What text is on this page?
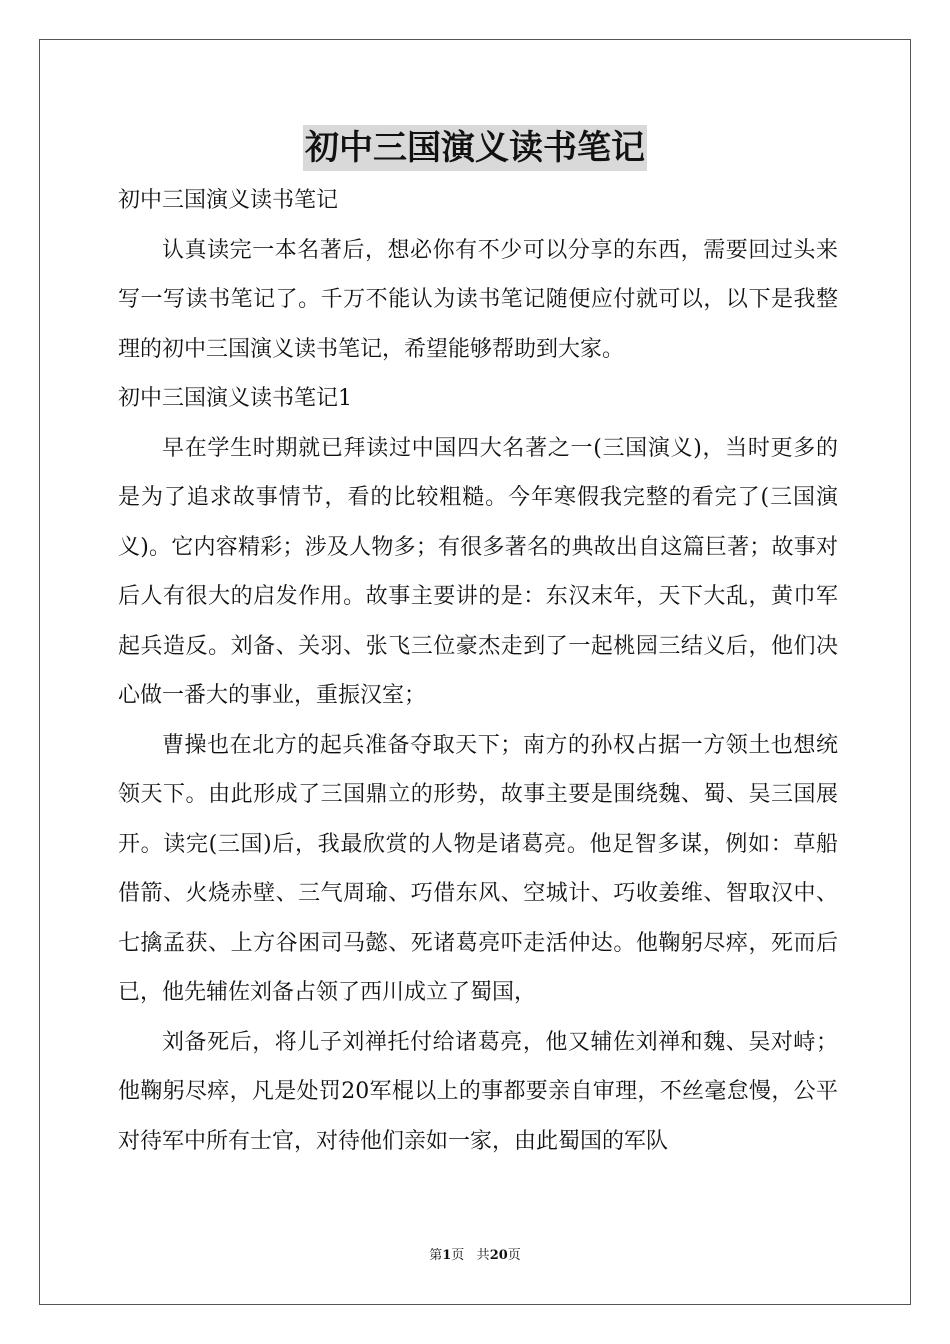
初中三国演义读书笔记

初中三国演义读书笔记

认真读完一本名著后，想必你有不少可以分享的东西，需要回过头来写一写读书笔记了。千万不能认为读书笔记随便应付就可以，以下是我整理的初中三国演义读书笔记，希望能够帮助到大家。

初中三国演义读书笔记1

早在学生时期就已拜读过中国四大名著之一(三国演义)，当时更多的是为了追求故事情节，看的比较粗糙。今年寒假我完整的看完了(三国演义)。它内容精彩；涉及人物多；有很多著名的典故出自这篇巨著；故事对后人有很大的启发作用。故事主要讲的是：东汉末年，天下大乱，黄巾军起兵造反。刘备、关羽、张飞三位豪杰走到了一起桃园三结义后，他们决心做一番大的事业，重振汉室；

曹操也在北方的起兵准备夺取天下；南方的孙权占据一方领土也想统领天下。由此形成了三国鼎立的形势，故事主要是围绕魏、蜀、吴三国展开。读完(三国)后，我最欣赏的人物是诸葛亮。他足智多谋，例如：草船借箭、火烧赤壁、三气周瑜、巧借东风、空城计、巧收姜维、智取汉中、七擒孟获、上方谷困司马懿、死诸葛亮吓走活仲达。他鞠躬尽瘁，死而后已，他先辅佐刘备占领了西川成立了蜀国，

刘备死后，将儿子刘禅托付给诸葛亮，他又辅佐刘禅和魏、吴对峙；他鞠躬尽瘁，凡是处罚20军棍以上的事都要亲自审理，不丝毫怠慢，公平对待军中所有士官，对待他们亲如一家，由此蜀国的军队

第1页 共20页
